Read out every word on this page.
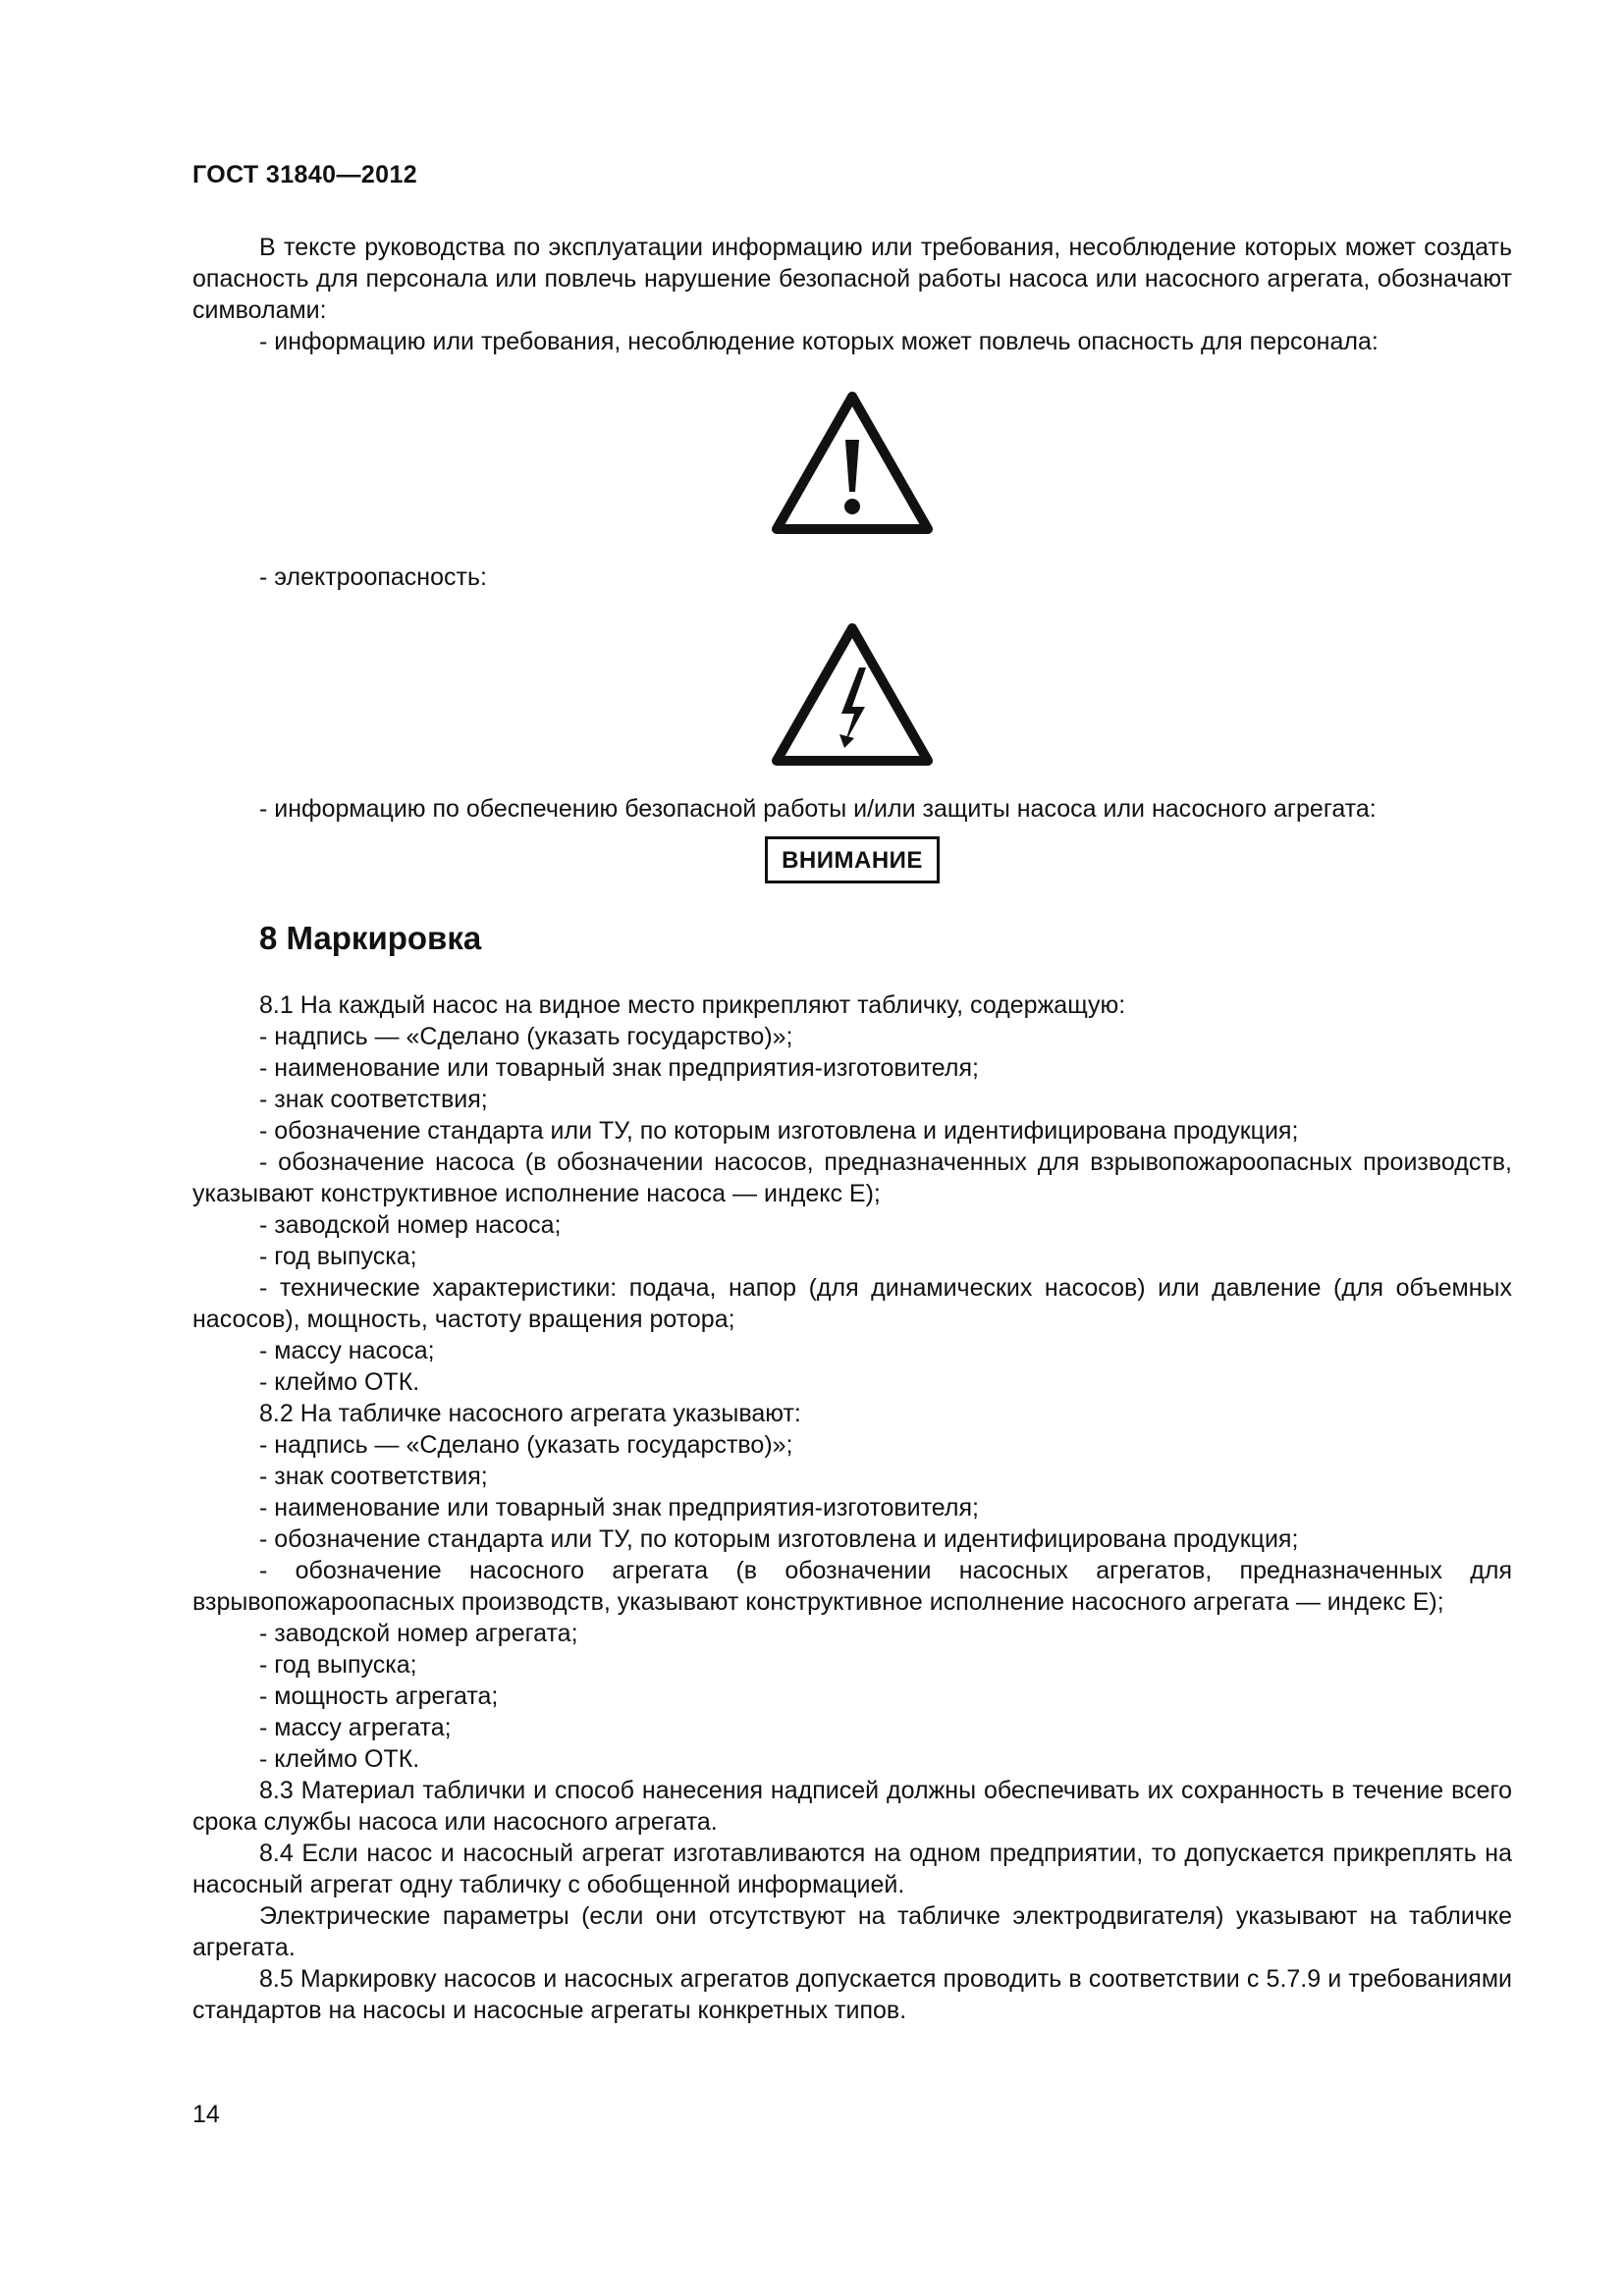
ГОСТ 31840—2012

В тексте руководства по эксплуатации информацию или требования, несоблюдение которых может создать опасность для персонала или повлечь нарушение безопасной работы насоса или насосного агрегата, обозначают символами:

- информацию или требования, несоблюдение которых может повлечь опасность для персонала:

- электроопасность:

- информацию по обеспечению безопасной работы и/или защиты насоса или насосного агрегата:

ВНИМАНИЕ
8 Маркировка

8.1 На каждый насос на видное место прикрепляют табличку, содержащую:

- надпись — «Сделано (указать государство)»;

- наименование или товарный знак предприятия-изготовителя;

- знак соответствия;

- обозначение стандарта или ТУ, по которым изготовлена и идентифицирована продукция;

- обозначение насоса (в обозначении насосов, предназначенных для взрывопожароопасных производств, указывают конструктивное исполнение насоса — индекс Е);

- заводской номер насоса;

- год выпуска;

- технические характеристики: подача, напор (для динамических насосов) или давление (для объемных насосов), мощность, частоту вращения ротора;

- массу насоса;

- клеймо ОТК.

8.2 На табличке насосного агрегата указывают:

- надпись — «Сделано (указать государство)»;

- знак соответствия;

- наименование или товарный знак предприятия-изготовителя;

- обозначение стандарта или ТУ, по которым изготовлена и идентифицирована продукция;

- обозначение насосного агрегата (в обозначении насосных агрегатов, предназначенных для взрывопожароопасных производств, указывают конструктивное исполнение насосного агрегата — индекс Е);

- заводской номер агрегата;

- год выпуска;

- мощность агрегата;

- массу агрегата;

- клеймо ОТК.

8.3 Материал таблички и способ нанесения надписей должны обеспечивать их сохранность в течение всего срока службы насоса или насосного агрегата.

8.4 Если насос и насосный агрегат изготавливаются на одном предприятии, то допускается прикреплять на насосный агрегат одну табличку с обобщенной информацией.

Электрические параметры (если они отсутствуют на табличке электродвигателя) указывают на табличке агрегата.

8.5 Маркировку насосов и насосных агрегатов допускается проводить в соответствии с 5.7.9 и требованиями стандартов на насосы и насосные агрегаты конкретных типов.

14
